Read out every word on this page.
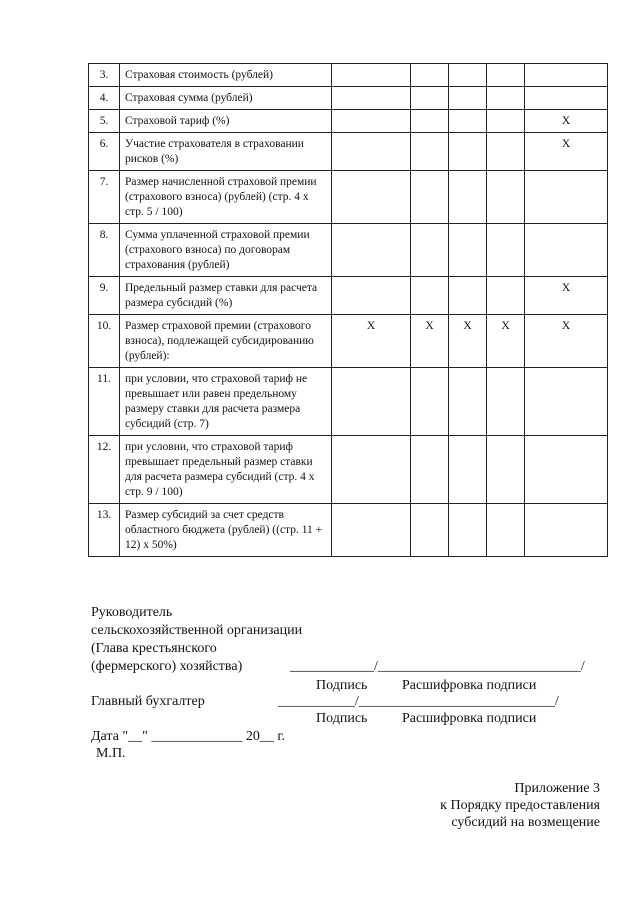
3.	Страховая стоимость (рублей)					
4.	Страховая сумма (рублей)					
5.	Страховой тариф (%)					Х
6.	Участие страхователя в страховании рисков (%)					Х
7.	Размер начисленной страховой премии (страхового взноса) (рублей) (стр. 4 х стр. 5 / 100)					
8.	Сумма уплаченной страховой премии (страхового взноса) по договорам страхования (рублей)					
9.	Предельный размер ставки для расчета размера субсидий (%)					Х
10.	Размер страховой премии (страхового взноса), подлежащей субсидированию (рублей):	Х	Х	Х	Х	Х
11.	при условии, что страховой тариф не превышает или равен предельному размеру ставки для расчета размера субсидий (стр. 7)					
12.	при условии, что страховой тариф превышает предельный размер ставки для расчета размера субсидий (стр. 4 х стр. 9 / 100)					
13.	Размер субсидий за счет средств областного бюджета (рублей) ((стр. 11 + 12) х 50%)					
Руководитель
сельскохозяйственной организации
(Глава крестьянского
(фермерского) хозяйства)	____________/_____________________________/
Подпись Расшифровка подписи
Главный бухгалтер	___________/____________________________/
Подпись Расшифровка подписи
Дата "__" _____________ 20__ г.
М.П.
Приложение 3
к Порядку предоставления
субсидий на возмещение
